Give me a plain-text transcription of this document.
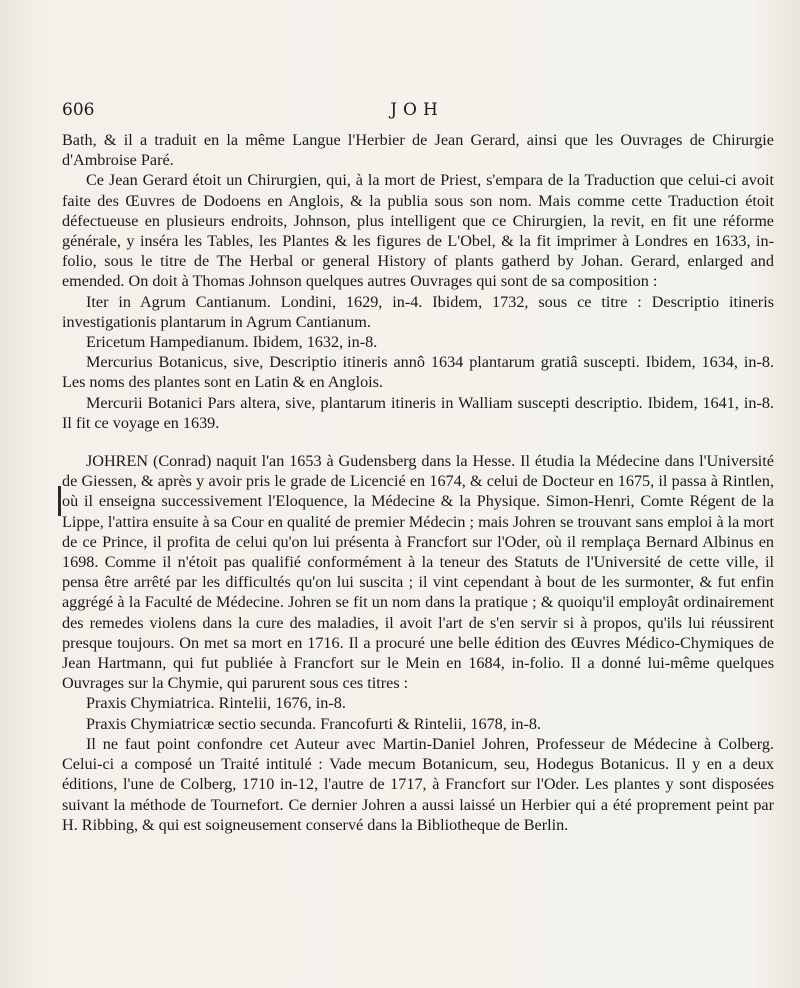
606	JOH

Bath, & il a traduit en la même Langue l'Herbier de Jean Gerard, ainsi que les Ouvrages de Chirurgie d'Ambroise Paré.

Ce Jean Gerard étoit un Chirurgien, qui, à la mort de Priest, s'empara de la Traduction que celui-ci avoit faite des Œuvres de Dodoens en Anglois, & la publia sous son nom. Mais comme cette Traduction étoit défectueuse en plusieurs endroits, Johnson, plus intelligent que ce Chirurgien, la revit, en fit une réforme générale, y inséra les Tables, les Plantes & les figures de L'Obel, & la fit imprimer à Londres en 1633, in-folio, sous le titre de The Herbal or general History of plants gatherd by Johan. Gerard, enlarged and emended. On doit à Thomas Johnson quelques autres Ouvrages qui sont de sa composition :

Iter in Agrum Cantianum. Londini, 1629, in-4. Ibidem, 1732, sous ce titre : Descriptio itineris investigationis plantarum in Agrum Cantianum.

Ericetum Hampedianum. Ibidem, 1632, in-8.

Mercurius Botanicus, sive, Descriptio itineris annô 1634 plantarum gratiâ suscepti. Ibidem, 1634, in-8. Les noms des plantes sont en Latin & en Anglois.

Mercurii Botanici Pars altera, sive, plantarum itineris in Walliam suscepti descriptio. Ibidem, 1641, in-8. Il fit ce voyage en 1639.

JOHREN (Conrad) naquit l'an 1653 à Gudensberg dans la Hesse. Il étudia la Médecine dans l'Université de Giessen, & après y avoir pris le grade de Licencié en 1674, & celui de Docteur en 1675, il passa à Rintlen, où il enseigna successivement l'Eloquence, la Médecine & la Physique. Simon-Henri, Comte Régent de la Lippe, l'attira ensuite à sa Cour en qualité de premier Médecin ; mais Johren se trouvant sans emploi à la mort de ce Prince, il profita de celui qu'on lui présenta à Francfort sur l'Oder, où il remplaça Bernard Albinus en 1698. Comme il n'étoit pas qualifié conformément à la teneur des Statuts de l'Université de cette ville, il pensa être arrêté par les difficultés qu'on lui suscita ; il vint cependant à bout de les surmonter, & fut enfin aggrégé à la Faculté de Médecine. Johren se fit un nom dans la pratique ; & quoiqu'il employât ordinairement des remedes violens dans la cure des maladies, il avoit l'art de s'en servir si à propos, qu'ils lui réussirent presque toujours. On met sa mort en 1716. Il a procuré une belle édition des Œuvres Médico-Chymiques de Jean Hartmann, qui fut publiée à Francfort sur le Mein en 1684, in-folio. Il a donné lui-même quelques Ouvrages sur la Chymie, qui parurent sous ces titres :

Praxis Chymiatrica. Rintelii, 1676, in-8.

Praxis Chymiatricæ sectio secunda. Francofurti & Rintelii, 1678, in-8.

Il ne faut point confondre cet Auteur avec Martin-Daniel Johren, Professeur de Médecine à Colberg. Celui-ci a composé un Traité intitulé : Vade mecum Botanicum, seu, Hodegus Botanicus. Il y en a deux éditions, l'une de Colberg, 1710 in-12, l'autre de 1717, à Francfort sur l'Oder. Les plantes y sont disposées suivant la méthode de Tournefort. Ce dernier Johren a aussi laissé un Herbier qui a été proprement peint par H. Ribbing, & qui est soigneusement conservé dans la Bibliotheque de Berlin.
